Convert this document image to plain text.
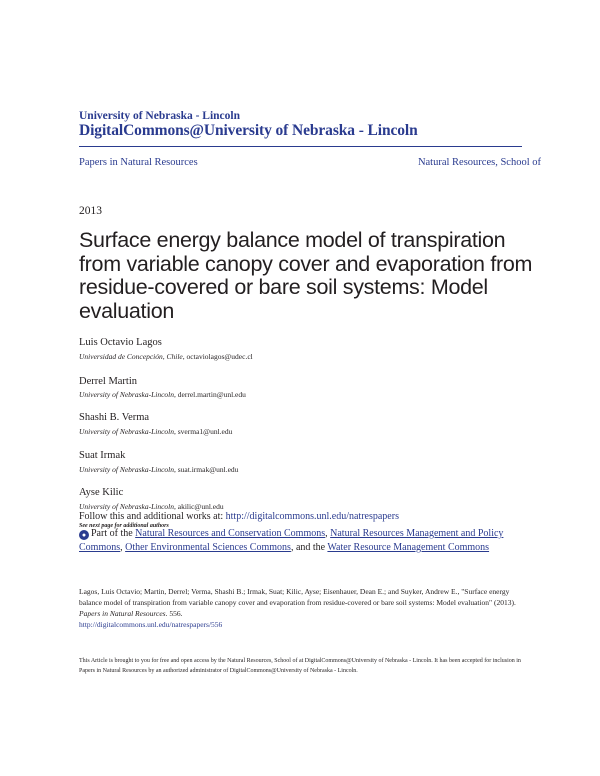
University of Nebraska - Lincoln
DigitalCommons@University of Nebraska - Lincoln
Papers in Natural Resources	Natural Resources, School of
2013
Surface energy balance model of transpiration from variable canopy cover and evaporation from residue-covered or bare soil systems: Model evaluation
Luis Octavio Lagos
Universidad de Concepción, Chile, octaviolagos@udec.cl
Derrel Martin
University of Nebraska-Lincoln, derrel.martin@unl.edu
Shashi B. Verma
University of Nebraska-Lincoln, sverma1@unl.edu
Suat Irmak
University of Nebraska-Lincoln, suat.irmak@unl.edu
Ayse Kilic
University of Nebraska-Lincoln, akilic@unl.edu
Follow this and additional works at: http://digitalcommons.unl.edu/natrespapers
See next page for additional authors
● Part of the Natural Resources and Conservation Commons, Natural Resources Management and Policy Commons, Other Environmental Sciences Commons, and the Water Resource Management Commons
Lagos, Luis Octavio; Martin, Derrel; Verma, Shashi B.; Irmak, Suat; Kilic, Ayse; Eisenhauer, Dean E.; and Suyker, Andrew E., "Surface energy balance model of transpiration from variable canopy cover and evaporation from residue-covered or bare soil systems: Model evaluation" (2013). Papers in Natural Resources. 556.
http://digitalcommons.unl.edu/natrespapers/556
This Article is brought to you for free and open access by the Natural Resources, School of at DigitalCommons@University of Nebraska - Lincoln. It has been accepted for inclusion in Papers in Natural Resources by an authorized administrator of DigitalCommons@University of Nebraska - Lincoln.
